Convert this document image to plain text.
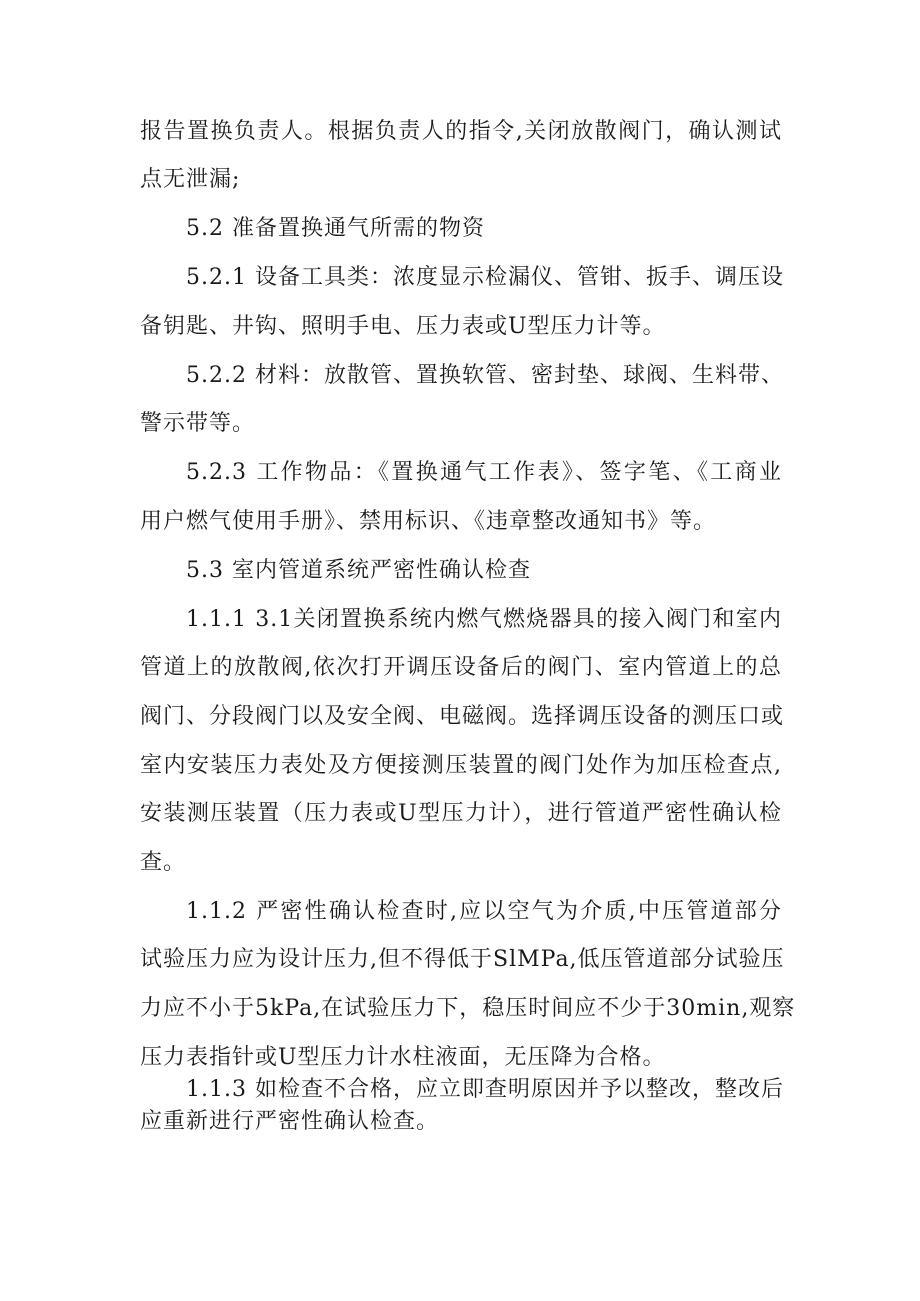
报告置换负责人。根据负责人的指令,关闭放散阀门，确认测试
点无泄漏;
5.2 准备置换通气所需的物资
5.2.1 设备工具类：浓度显示检漏仪、管钳、扳手、调压设
备钥匙、井钩、照明手电、压力表或U型压力计等。
5.2.2 材料：放散管、置换软管、密封垫、球阀、生料带、
警示带等。
5.2.3 工作物品：《置换通气工作表》、签字笔、《工商业
用户燃气使用手册》、禁用标识、《违章整改通知书》等。
5.3 室内管道系统严密性确认检查
1.1.1 3.1关闭置换系统内燃气燃烧器具的接入阀门和室内
管道上的放散阀,依次打开调压设备后的阀门、室内管道上的总
阀门、分段阀门以及安全阀、电磁阀。选择调压设备的测压口或
室内安装压力表处及方便接测压装置的阀门处作为加压检查点,
安装测压装置（压力表或U型压力计），进行管道严密性确认检
查。
1.1.2 严密性确认检查时,应以空气为介质,中压管道部分
试验压力应为设计压力,但不得低于SlMPa,低压管道部分试验压
力应不小于5kPa,在试验压力下，稳压时间应不少于30min,观察
压力表指针或U型压力计水柱液面，无压降为合格。
1.1.3 如检查不合格，应立即查明原因并予以整改，整改后
应重新进行严密性确认检查。
